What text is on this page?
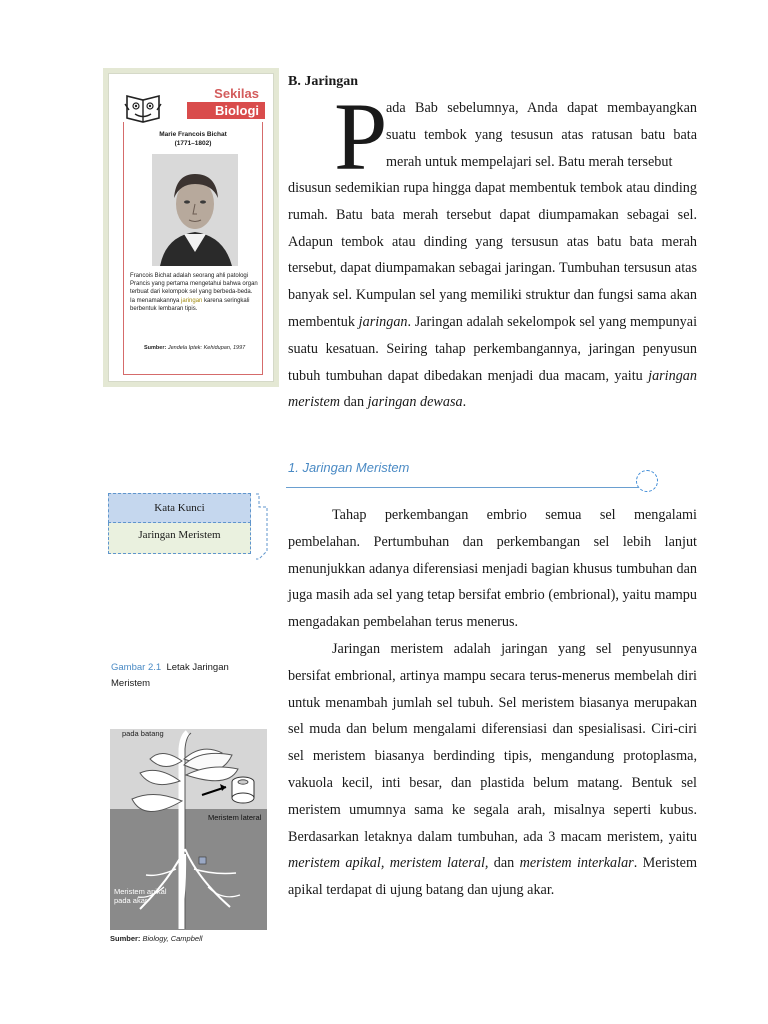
Sekilas
Biologi
Marie Francois Bichat
(1771–1802)
Francois Bichat adalah seorang ahli patologi Prancis yang pertama mengetahui bahwa organ terbuat dari kelompok sel yang berbeda-beda. Ia menamakannya jaringan karena seringkali berbentuk lembaran tipis.
Sumber: Jendela Iptek: Kehidupan, 1997
B. Jaringan
P
ada Bab sebelumnya, Anda dapat membayangkan suatu tembok yang tesusun atas ratusan batu bata merah untuk mempelajari sel. Batu merah tersebut
disusun sedemikian rupa hingga dapat membentuk tembok atau dinding rumah. Batu bata merah tersebut dapat diumpamakan sebagai sel. Adapun tembok atau dinding yang tersusun atas batu bata merah tersebut, dapat diumpamakan sebagai jaringan. Tumbuhan tersusun atas banyak sel. Kumpulan sel yang memiliki struktur dan fungsi sama akan membentuk jaringan. Jaringan adalah sekelompok sel yang mempunyai suatu kesatuan. Seiring tahap perkembangannya, jaringan penyusun tubuh tumbuhan dapat dibedakan menjadi dua macam, yaitu jaringan meristem dan jaringan dewasa.
1. Jaringan Meristem
Kata Kunci
Jaringan Meristem
Tahap perkembangan embrio semua sel mengalami pembelahan. Pertumbuhan dan perkembangan sel lebih lanjut menunjukkan adanya diferensiasi menjadi bagian khusus tumbuhan dan juga masih ada sel yang tetap bersifat embrio (embrional), yaitu mampu mengadakan pembelahan terus menerus.
Jaringan meristem adalah jaringan yang sel penyusunnya bersifat embrional, artinya mampu secara terus-menerus membelah diri untuk menambah jumlah sel tubuh. Sel meristem biasanya merupakan sel muda dan belum mengalami diferensiasi dan spesialisasi. Ciri-ciri sel meristem biasanya berdinding tipis, mengandung protoplasma, vakuola kecil, inti besar, dan plastida belum matang. Bentuk sel meristem umumnya sama ke segala arah, misalnya seperti kubus. Berdasarkan letaknya dalam tumbuhan, ada 3 macam meristem, yaitu meristem apikal, meristem lateral, dan meristem interkalar. Meristem apikal terdapat di ujung batang dan ujung akar.
Gambar 2.1 Letak Jaringan Meristem
pada batang
Meristem lateral
Meristem apikal
pada akar
Sumber: Biology, Campbell
